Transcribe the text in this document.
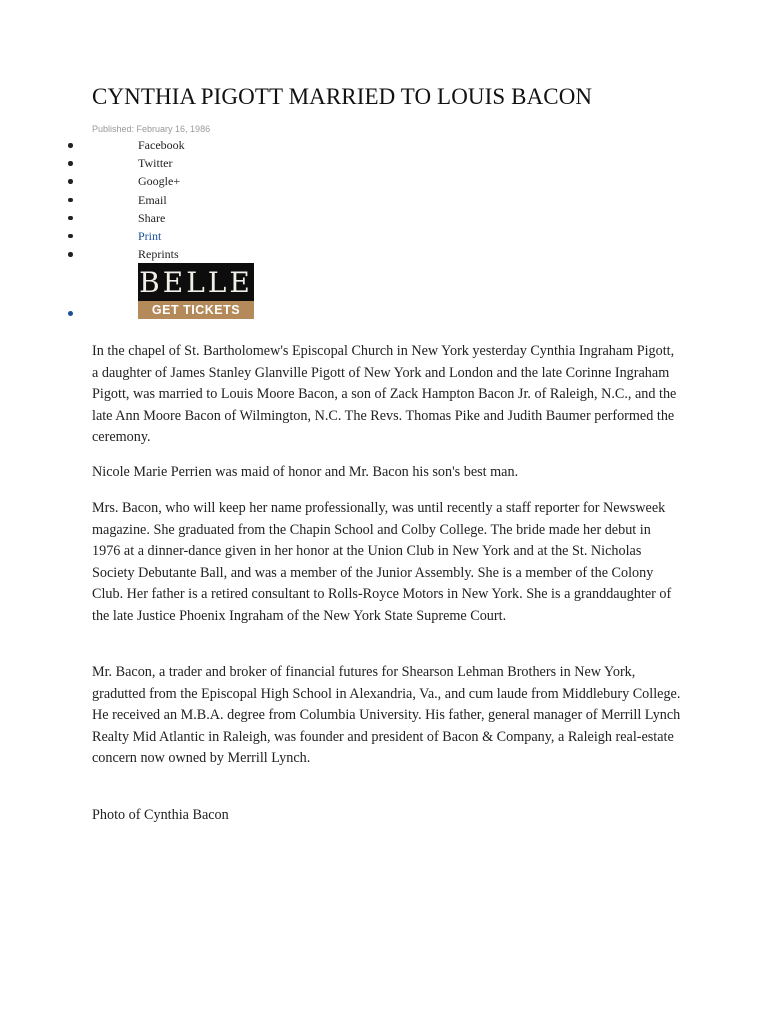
CYNTHIA PIGOTT MARRIED TO LOUIS BACON
Published: February 16, 1986
Facebook
Twitter
Google+
Email
Share
Print
Reprints
BELLE
GET TICKETS

In the chapel of St. Bartholomew's Episcopal Church in New York yesterday Cynthia Ingraham Pigott, a daughter of James Stanley Glanville Pigott of New York and London and the late Corinne Ingraham Pigott, was married to Louis Moore Bacon, a son of Zack Hampton Bacon Jr. of Raleigh, N.C., and the late Ann Moore Bacon of Wilmington, N.C. The Revs. Thomas Pike and Judith Baumer performed the ceremony.

Nicole Marie Perrien was maid of honor and Mr. Bacon his son's best man.

Mrs. Bacon, who will keep her name professionally, was until recently a staff reporter for Newsweek magazine. She graduated from the Chapin School and Colby College. The bride made her debut in 1976 at a dinner-dance given in her honor at the Union Club in New York and at the St. Nicholas Society Debutante Ball, and was a member of the Junior Assembly. She is a member of the Colony Club. Her father is a retired consultant to Rolls-Royce Motors in New York. She is a granddaughter of the late Justice Phoenix Ingraham of the New York State Supreme Court.

Mr. Bacon, a trader and broker of financial futures for Shearson Lehman Brothers in New York, gradutted from the Episcopal High School in Alexandria, Va., and cum laude from Middlebury College. He received an M.B.A. degree from Columbia University. His father, general manager of Merrill Lynch Realty Mid Atlantic in Raleigh, was founder and president of Bacon & Company, a Raleigh real-estate concern now owned by Merrill Lynch.

Photo of Cynthia Bacon
